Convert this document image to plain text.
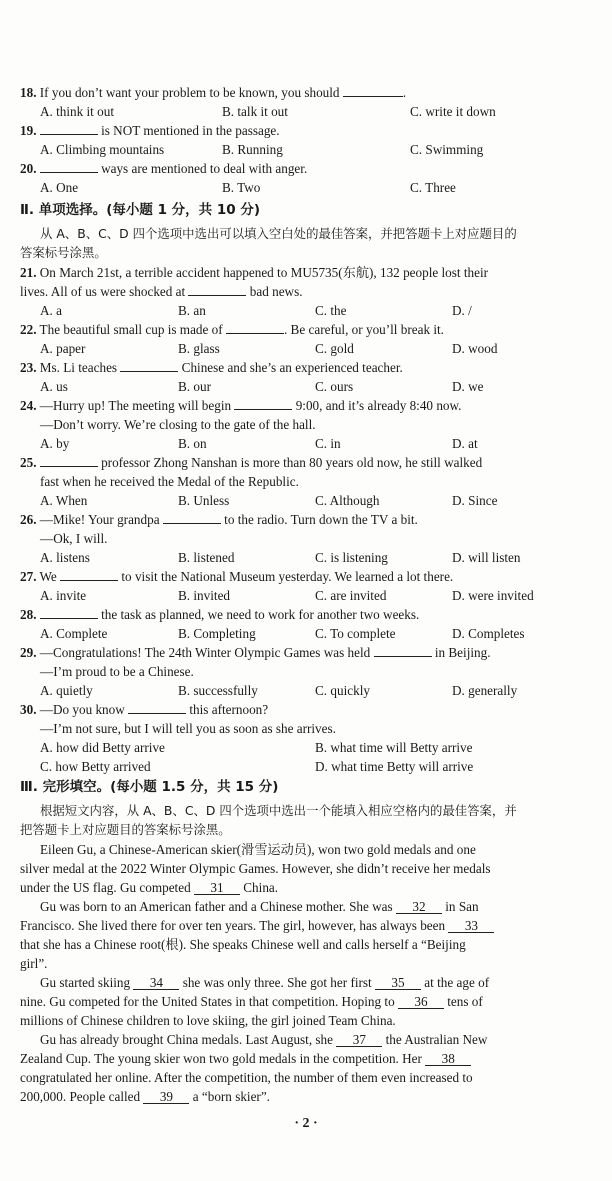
18. If you don’t want your problem to be known, you should	.
A. think it out	B. talk it out	C. write it down
19.	is NOT mentioned in the passage.
A. Climbing mountains	B. Running	C. Swimming
20.	ways are mentioned to deal with anger.
A. One	B. Two	C. Three
Ⅱ. 单项选择。(每小题 1 分，共 10 分)
从 A、B、C、D 四个选项中选出可以填入空白处的最佳答案，并把答题卡上对应题目的
答案标号涂黑。
21. On March 21st, a terrible accident happened to MU5735(东航), 132 people lost their
lives. All of us were shocked at	bad news.
A. a	B. an	C. the	D. /
22. The beautiful small cup is made of	. Be careful, or you’ll break it.
A. paper	B. glass	C. gold	D. wood
23. Ms. Li teaches	Chinese and she’s an experienced teacher.
A. us	B. our	C. ours	D. we
24. —Hurry up! The meeting will begin	9:00, and it’s already 8:40 now.
—Don’t worry. We’re closing to the gate of the hall.
A. by	B. on	C. in	D. at
25.	professor Zhong Nanshan is more than 80 years old now, he still walked
fast when he received the Medal of the Republic.
A. When	B. Unless	C. Although	D. Since
26. —Mike! Your grandpa	to the radio. Turn down the TV a bit.
—Ok, I will.
A. listens	B. listened	C. is listening	D. will listen
27. We	to visit the National Museum yesterday. We learned a lot there.
A. invite	B. invited	C. are invited	D. were invited
28.	the task as planned, we need to work for another two weeks.
A. Complete	B. Completing	C. To complete	D. Completes
29. —Congratulations! The 24th Winter Olympic Games was held	in Beijing.
—I’m proud to be a Chinese.
A. quietly	B. successfully	C. quickly	D. generally
30. —Do you know	this afternoon?
—I’m not sure, but I will tell you as soon as she arrives.
A. how did Betty arrive	B. what time will Betty arrive
C. how Betty arrived	D. what time Betty will arrive
Ⅲ. 完形填空。(每小题 1.5 分，共 15 分)
根据短文内容，从 A、B、C、D 四个选项中选出一个能填入相应空格内的最佳答案，并
把答题卡上对应题目的答案标号涂黑。
Eileen Gu, a Chinese-American skier(滑雪运动员), won two gold medals and one
silver medal at the 2022 Winter Olympic Games. However, she didn’t receive her medals
under the US flag. Gu competed 31 China.
Gu was born to an American father and a Chinese mother. She was 32 in San
Francisco. She lived there for over ten years. The girl, however, has always been 33
that she has a Chinese root(根). She speaks Chinese well and calls herself a “Beijing
girl”.
Gu started skiing 34 she was only three. She got her first 35 at the age of
nine. Gu competed for the United States in that competition. Hoping to 36 tens of
millions of Chinese children to love skiing, the girl joined Team China.
Gu has already brought China medals. Last August, she 37 the Australian New
Zealand Cup. The young skier won two gold medals in the competition. Her 38
congratulated her online. After the competition, the number of them even increased to
200,000. People called 39 a “born skier”.
· 2 ·
